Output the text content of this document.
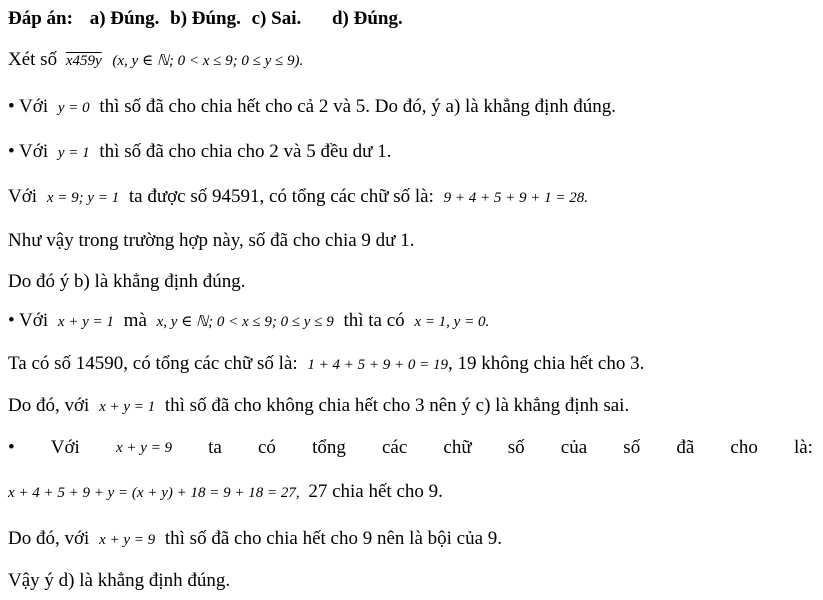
Đáp án: a) Đúng. b) Đúng. c) Sai. d) Đúng.
Xét số x459y (x, y ∈ ℕ; 0 < x ≤ 9; 0 ≤ y ≤ 9).
• Với y = 0 thì số đã cho chia hết cho cả 2 và 5. Do đó, ý a) là khẳng định đúng.
• Với y = 1 thì số đã cho chia cho 2 và 5 đều dư 1.
Với x = 9; y = 1 ta được số 94591, có tổng các chữ số là: 9 + 4 + 5 + 9 + 1 = 28.
Như vậy trong trường hợp này, số đã cho chia 9 dư 1.
Do đó ý b) là khẳng định đúng.
• Với x + y = 1 mà x, y ∈ ℕ; 0 < x ≤ 9; 0 ≤ y ≤ 9 thì ta có x = 1, y = 0.
Ta có số 14590, có tổng các chữ số là: 1 + 4 + 5 + 9 + 0 = 19, 19 không chia hết cho 3.
Do đó, với x + y = 1 thì số đã cho không chia hết cho 3 nên ý c) là khẳng định sai.
• Với x + y = 9 ta có tổng các chữ số của số đã cho là:
x + 4 + 5 + 9 + y = (x + y) + 18 = 9 + 18 = 27, 27 chia hết cho 9.
Do đó, với x + y = 9 thì số đã cho chia hết cho 9 nên là bội của 9.
Vậy ý d) là khẳng định đúng.
